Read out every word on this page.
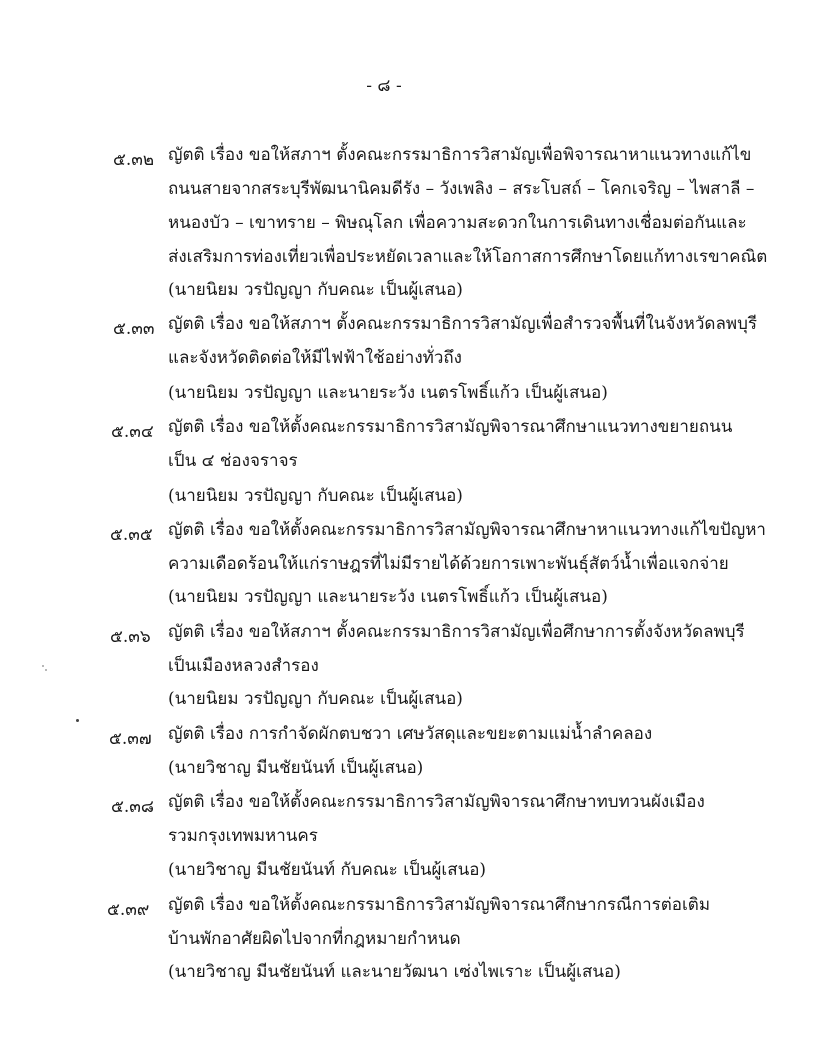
- ๘ -
๕.๓๒ ญัตติ เรื่อง ขอให้สภาฯ ตั้งคณะกรรมาธิการวิสามัญเพื่อพิจารณาหาแนวทางแก้ไข
ถนนสายจากสระบุรีพัฒนานิคมดีรัง – วังเพลิง – สระโบสถ์ – โคกเจริญ – ไพสาลี –
หนองบัว – เขาทราย – พิษณุโลก เพื่อความสะดวกในการเดินทางเชื่อมต่อกันและ
ส่งเสริมการท่องเที่ยวเพื่อประหยัดเวลาและให้โอกาสการศึกษาโดยแก้ทางเรขาคณิต
(นายนิยม วรปัญญา กับคณะ เป็นผู้เสนอ)
๕.๓๓ ญัตติ เรื่อง ขอให้สภาฯ ตั้งคณะกรรมาธิการวิสามัญเพื่อสำรวจพื้นที่ในจังหวัดลพบุรี
และจังหวัดติดต่อให้มีไฟฟ้าใช้อย่างทั่วถึง
(นายนิยม วรปัญญา และนายระวัง เนตรโพธิ์แก้ว เป็นผู้เสนอ)
๕.๓๔ ญัตติ เรื่อง ขอให้ตั้งคณะกรรมาธิการวิสามัญพิจารณาศึกษาแนวทางขยายถนน
เป็น ๔ ช่องจราจร
(นายนิยม วรปัญญา กับคณะ เป็นผู้เสนอ)
๕.๓๕ ญัตติ เรื่อง ขอให้ตั้งคณะกรรมาธิการวิสามัญพิจารณาศึกษาหาแนวทางแก้ไขปัญหา
ความเดือดร้อนให้แก่ราษฎรที่ไม่มีรายได้ด้วยการเพาะพันธุ์สัตว์น้ำเพื่อแจกจ่าย
(นายนิยม วรปัญญา และนายระวัง เนตรโพธิ์แก้ว เป็นผู้เสนอ)
๕.๓๖ ญัตติ เรื่อง ขอให้สภาฯ ตั้งคณะกรรมาธิการวิสามัญเพื่อศึกษาการตั้งจังหวัดลพบุรี
เป็นเมืองหลวงสำรอง
(นายนิยม วรปัญญา กับคณะ เป็นผู้เสนอ)
๕.๓๗ ญัตติ เรื่อง การกำจัดผักตบชวา เศษวัสดุและขยะตามแม่น้ำลำคลอง
(นายวิชาญ มีนชัยนันท์ เป็นผู้เสนอ)
๕.๓๘ ญัตติ เรื่อง ขอให้ตั้งคณะกรรมาธิการวิสามัญพิจารณาศึกษาทบทวนผังเมือง
รวมกรุงเทพมหานคร
(นายวิชาญ มีนชัยนันท์ กับคณะ เป็นผู้เสนอ)
๕.๓๙ ญัตติ เรื่อง ขอให้ตั้งคณะกรรมาธิการวิสามัญพิจารณาศึกษากรณีการต่อเติม
บ้านพักอาศัยผิดไปจากที่กฎหมายกำหนด
(นายวิชาญ มีนชัยนันท์ และนายวัฒนา เซ่งไพเราะ เป็นผู้เสนอ)
